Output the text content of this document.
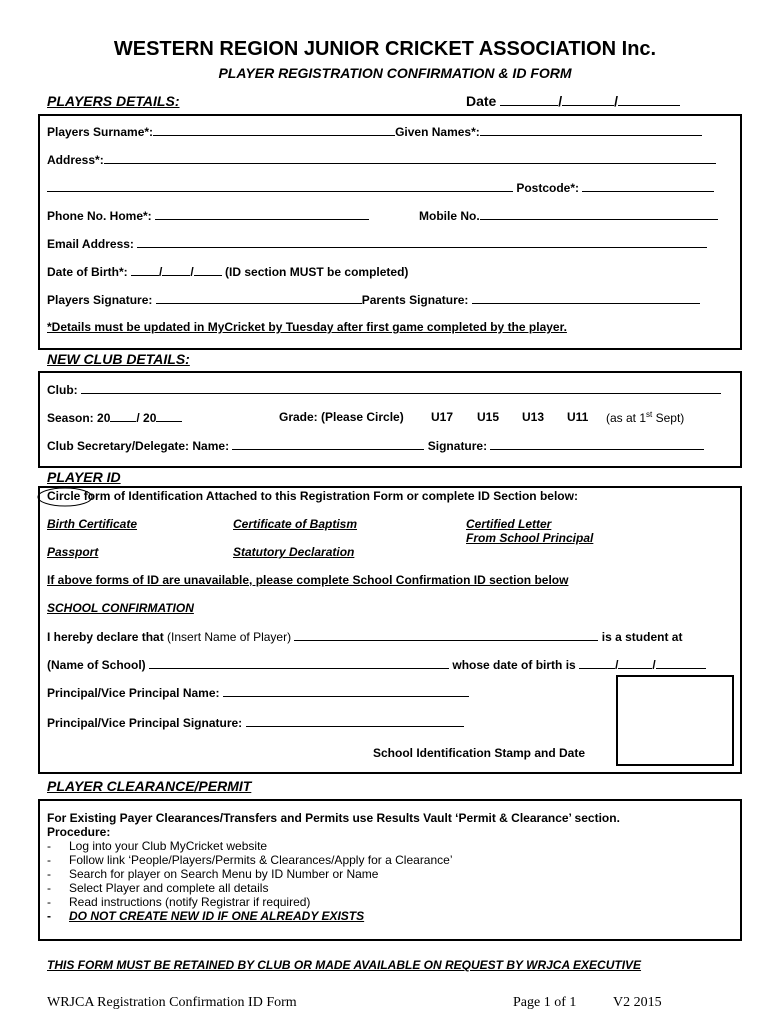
WESTERN REGION JUNIOR CRICKET ASSOCIATION Inc.
PLAYER REGISTRATION CONFIRMATION & ID FORM
PLAYERS DETAILS:	Date	/	/
Players Surname*:	Given Names*:
Address*:
Postcode*:
Phone No. Home*:	Mobile No.
Email Address:
Date of Birth*:	/ /	(ID section MUST be completed)
Players Signature:	Parents Signature:
*Details must be updated in MyCricket by Tuesday after first game completed by the player.
NEW CLUB DETAILS:
Club:
Season: 20 / 20	Grade: (Please Circle) U17 U15 U13 U11 (as at 1st Sept)
Club Secretary/Delegate: Name:	Signature:
PLAYER ID
Circle form of Identification Attached to this Registration Form or complete ID Section below:
Birth Certificate	Certificate of Baptism	Certified Letter
From School Principal
Passport	Statutory Declaration
If above forms of ID are unavailable, please complete School Confirmation ID section below
SCHOOL CONFIRMATION
I hereby declare that (Insert Name of Player)	is a student at
(Name of School)	whose date of birth is	/	/
Principal/Vice Principal Name:
Principal/Vice Principal Signature:
School Identification Stamp and Date
PLAYER CLEARANCE/PERMIT
For Existing Payer Clearances/Transfers and Permits use Results Vault ‘Permit & Clearance’ section.
Procedure:
- Log into your Club MyCricket website
- Follow link ‘People/Players/Permits & Clearances/Apply for a Clearance’
- Search for player on Search Menu by ID Number or Name
- Select Player and complete all details
- Read instructions (notify Registrar if required)
- DO NOT CREATE NEW ID IF ONE ALREADY EXISTS
THIS FORM MUST BE RETAINED BY CLUB OR MADE AVAILABLE ON REQUEST BY WRJCA EXECUTIVE
WRJCA Registration Confirmation ID Form	Page 1 of 1	V2 2015
